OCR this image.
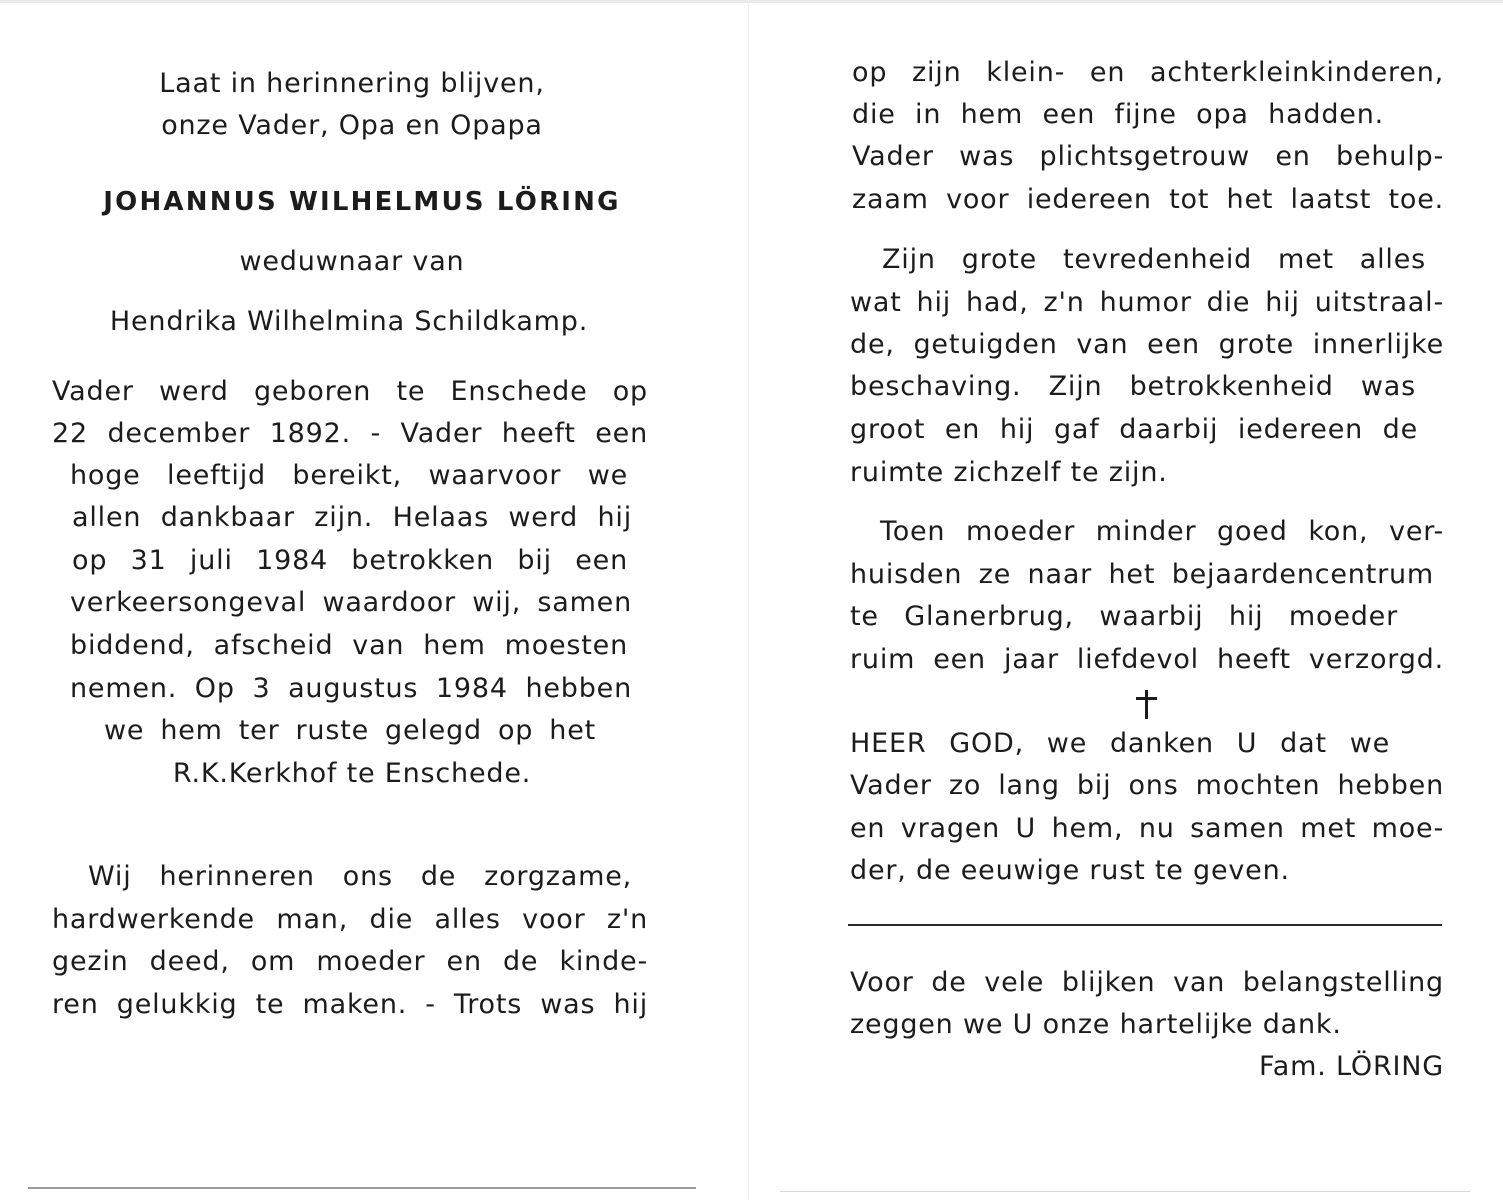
Laat in herinnering blijven,
onze Vader, Opa en Opapa
JOHANNUS WILHELMUS LÖRING
weduwnaar van
Hendrika Wilhelmina Schildkamp.
Vader werd geboren te Enschede op
22 december 1892. - Vader heeft een
hoge leeftijd bereikt, waarvoor we
allen dankbaar zijn. Helaas werd hij
op 31 juli 1984 betrokken bij een
verkeersongeval waardoor wij, samen
biddend, afscheid van hem moesten
nemen. Op 3 augustus 1984 hebben
we hem ter ruste gelegd op het
R.K.Kerkhof te Enschede.
Wij herinneren ons de zorgzame,
hardwerkende man, die alles voor z'n
gezin deed, om moeder en de kinde-
ren gelukkig te maken. - Trots was hij
op zijn klein- en achterkleinkinderen,
die in hem een fijne opa hadden.
Vader was plichtsgetrouw en behulp-
zaam voor iedereen tot het laatst toe.
Zijn grote tevredenheid met alles
wat hij had, z'n humor die hij uitstraal-
de, getuigden van een grote innerlijke
beschaving. Zijn betrokkenheid was
groot en hij gaf daarbij iedereen de
ruimte zichzelf te zijn.
Toen moeder minder goed kon, ver-
huisden ze naar het bejaardencentrum
te Glanerbrug, waarbij hij moeder
ruim een jaar liefdevol heeft verzorgd.
HEER GOD, we danken U dat we
Vader zo lang bij ons mochten hebben
en vragen U hem, nu samen met moe-
der, de eeuwige rust te geven.
Voor de vele blijken van belangstelling
zeggen we U onze hartelijke dank.
Fam. LÖRING
